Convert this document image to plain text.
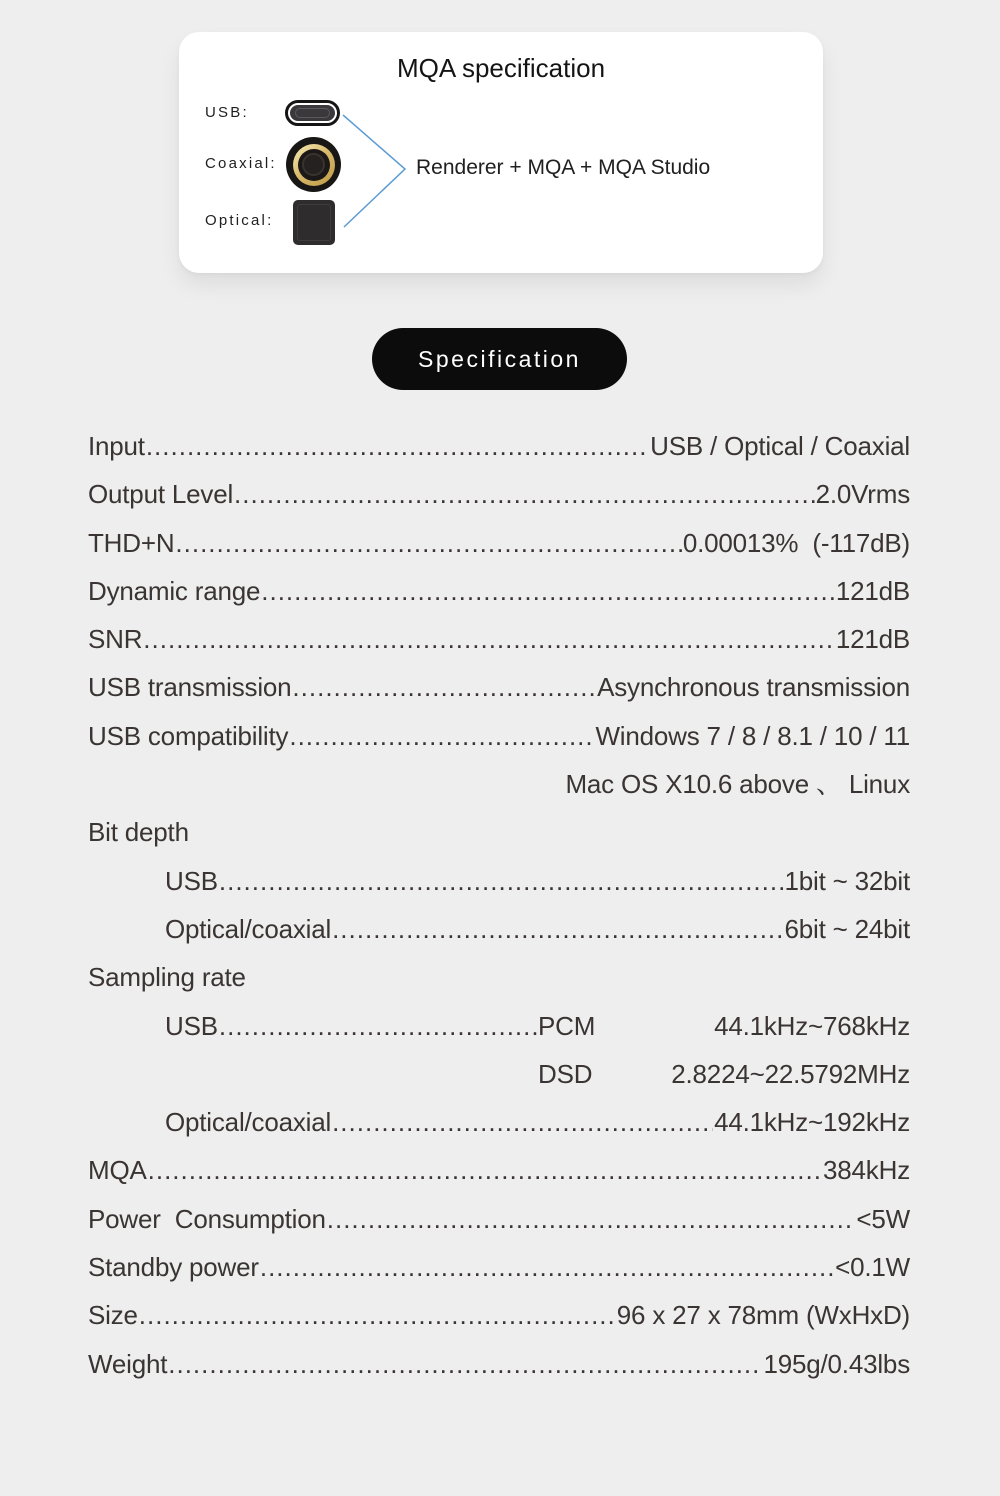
MQA specification
USB:
Coaxial:
Optical:
Renderer + MQA + MQA Studio
Specification
Input .....	USB / Optical / Coaxial
Output Level .....	2.0Vrms
THD+N .....	0.00013%  (-117dB)
Dynamic range .....	121dB
SNR .....	121dB
USB transmission .....	Asynchronous transmission
USB compatibility .....	Windows 7 / 8 / 8.1 / 10 / 11
Mac OS X10.6 above 、 Linux
Bit depth
USB .....	1bit ~ 32bit
Optical/coaxial .....	6bit ~ 24bit
Sampling rate
USB .....	PCM	44.1kHz~768kHz
DSD	2.8224~22.5792MHz
Optical/coaxial .....	44.1kHz~192kHz
MQA .....	384kHz
Power  Consumption .....	<5W
Standby power .....	<0.1W
Size .....	96 x 27 x 78mm (WxHxD)
Weight .....	195g/0.43lbs
